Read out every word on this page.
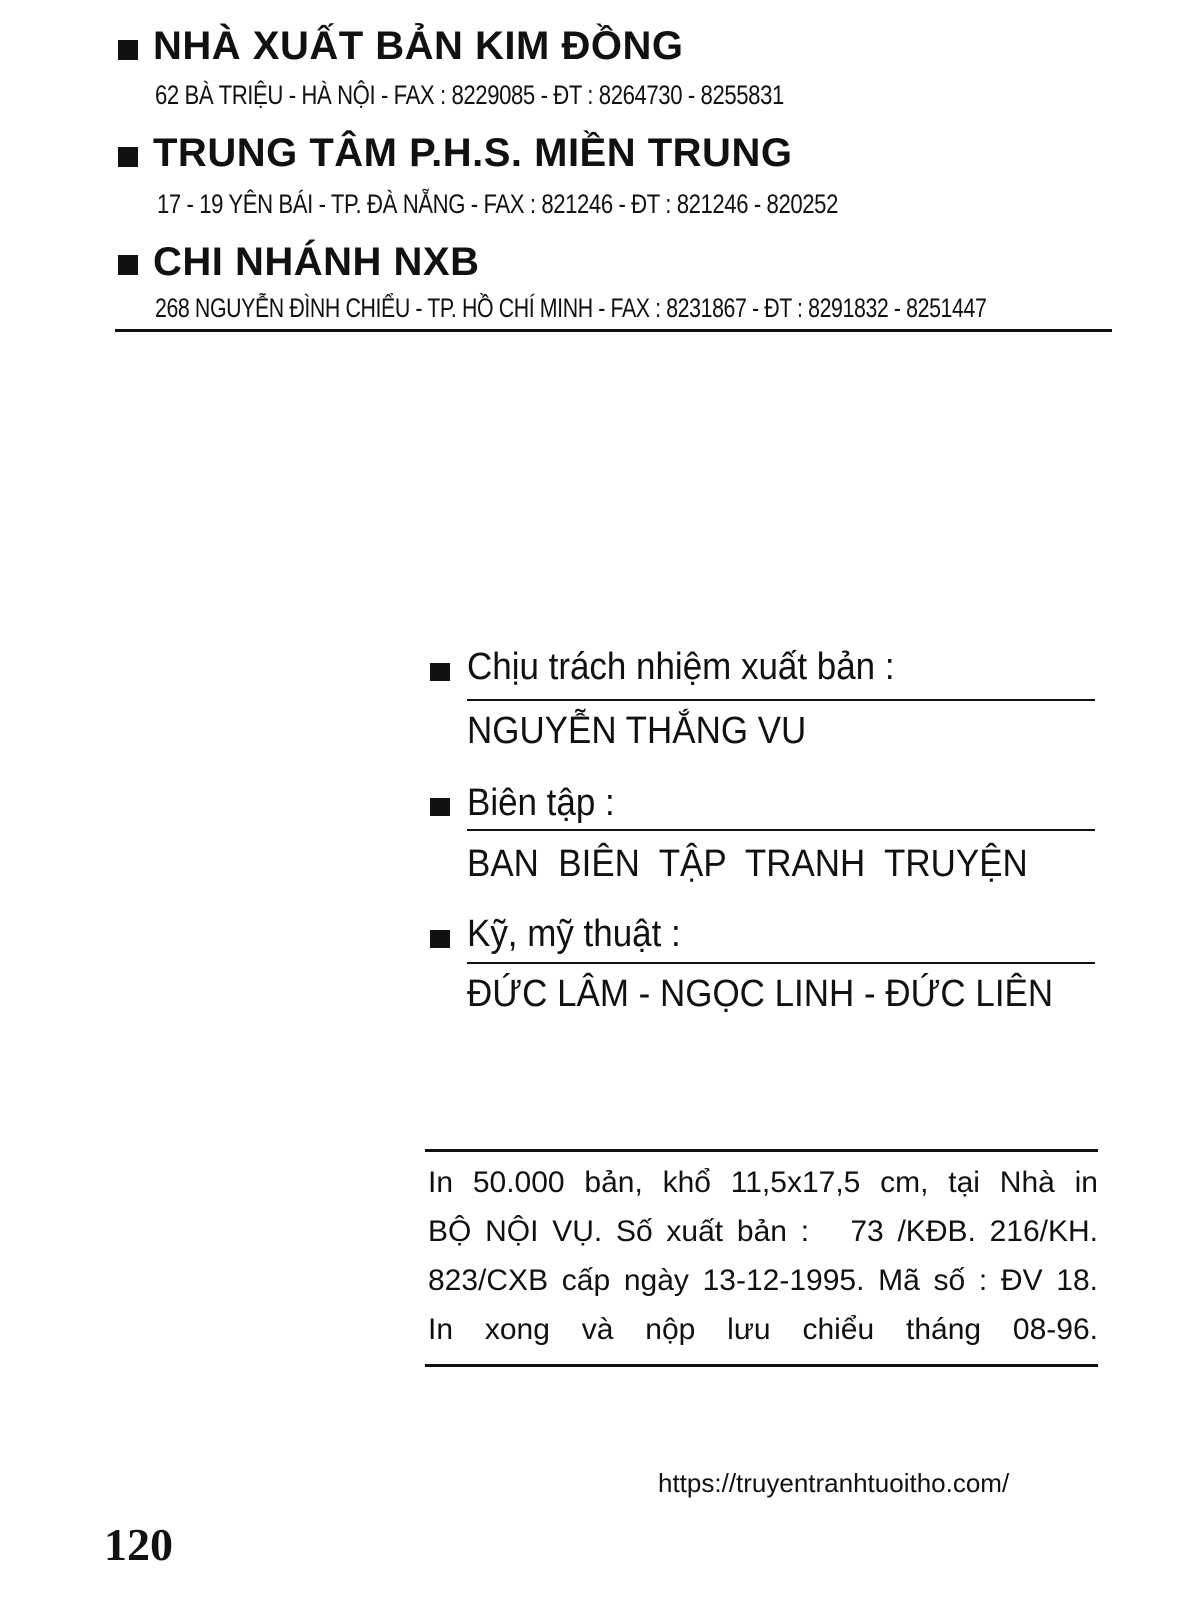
NHÀ XUẤT BẢN KIM ĐỒNG
62 BÀ TRIỆU - HÀ NỘI - FAX : 8229085 - ĐT : 8264730 - 8255831
TRUNG TÂM P.H.S. MIỀN TRUNG
17 - 19 YÊN BÁI - TP. ĐÀ NẴNG - FAX : 821246 - ĐT : 821246 - 820252
CHI NHÁNH NXB
268 NGUYỄN ĐÌNH CHIỂU - TP. HỒ CHÍ MINH - FAX : 8231867 - ĐT : 8291832 - 8251447
Chịu trách nhiệm xuất bản :
NGUYỄN THẮNG VU
Biên tập :
BAN  BIÊN  TẬP  TRANH  TRUYỆN
Kỹ, mỹ thuật :
ĐỨC LÂM - NGỌC LINH - ĐỨC LIÊN
In 50.000 bản, khổ 11,5x17,5 cm, tại Nhà in
BỘ NỘI VỤ. Số xuất bản :   73 /KĐB. 216/KH.
823/CXB cấp ngày 13-12-1995. Mã số : ĐV 18.
In xong và nộp lưu chiểu tháng 08-96.
https://truyentranhtuoitho.com/
120
